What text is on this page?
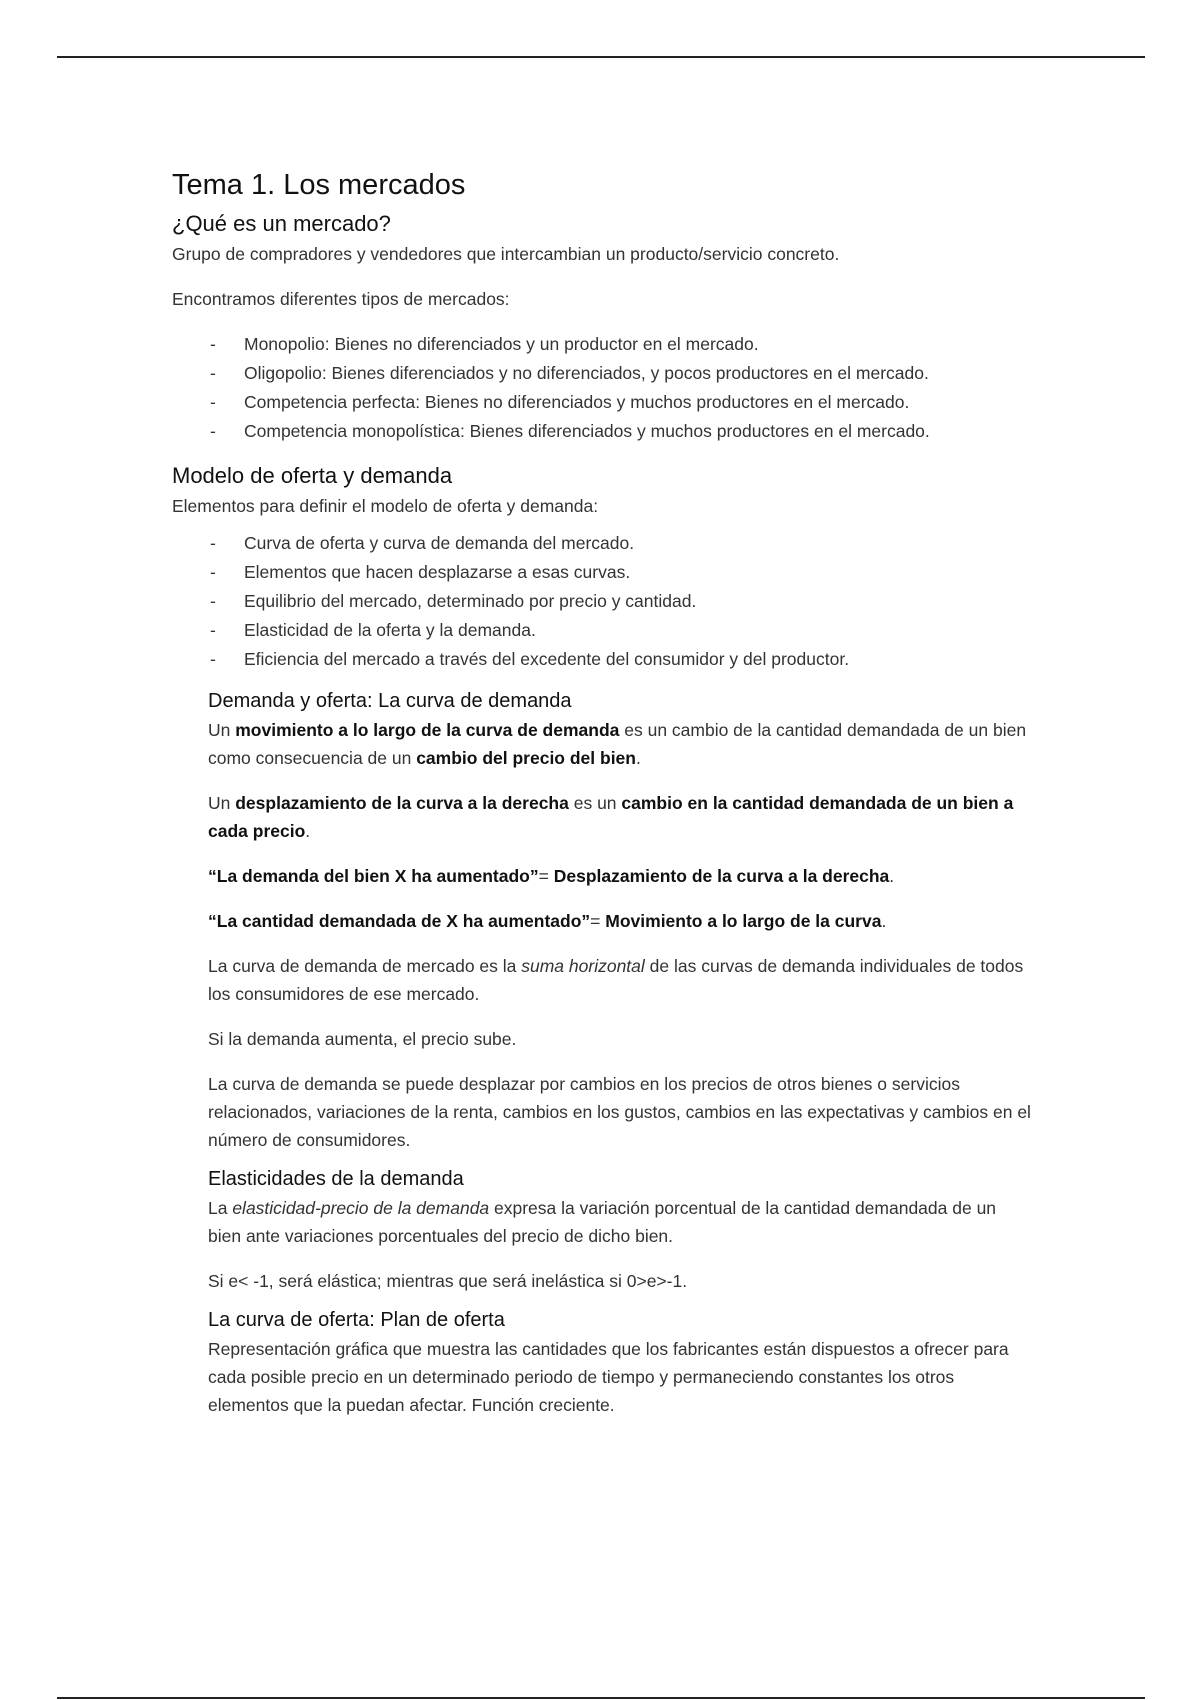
Tema 1. Los mercados
¿Qué es un mercado?

Grupo de compradores y vendedores que intercambian un producto/servicio concreto.

Encontramos diferentes tipos de mercados:

- Monopolio: Bienes no diferenciados y un productor en el mercado.
- Oligopolio: Bienes diferenciados y no diferenciados, y pocos productores en el mercado.
- Competencia perfecta: Bienes no diferenciados y muchos productores en el mercado.
- Competencia monopolística: Bienes diferenciados y muchos productores en el mercado.
Modelo de oferta y demanda

Elementos para definir el modelo de oferta y demanda:

- Curva de oferta y curva de demanda del mercado.
- Elementos que hacen desplazarse a esas curvas.
- Equilibrio del mercado, determinado por precio y cantidad.
- Elasticidad de la oferta y la demanda.
- Eficiencia del mercado a través del excedente del consumidor y del productor.
Demanda y oferta: La curva de demanda

Un movimiento a lo largo de la curva de demanda es un cambio de la cantidad demandada de un bien como consecuencia de un cambio del precio del bien.

Un desplazamiento de la curva a la derecha es un cambio en la cantidad demandada de un bien a cada precio.

“La demanda del bien X ha aumentado”= Desplazamiento de la curva a la derecha.

“La cantidad demandada de X ha aumentado”= Movimiento a lo largo de la curva.

La curva de demanda de mercado es la suma horizontal de las curvas de demanda individuales de todos los consumidores de ese mercado.

Si la demanda aumenta, el precio sube.

La curva de demanda se puede desplazar por cambios en los precios de otros bienes o servicios relacionados, variaciones de la renta, cambios en los gustos, cambios en las expectativas y cambios en el número de consumidores.

Elasticidades de la demanda

La elasticidad-precio de la demanda expresa la variación porcentual de la cantidad demandada de un bien ante variaciones porcentuales del precio de dicho bien.

Si e< -1, será elástica; mientras que será inelástica si 0>e>-1.

La curva de oferta: Plan de oferta

Representación gráfica que muestra las cantidades que los fabricantes están dispuestos a ofrecer para cada posible precio en un determinado periodo de tiempo y permaneciendo constantes los otros elementos que la puedan afectar. Función creciente.
